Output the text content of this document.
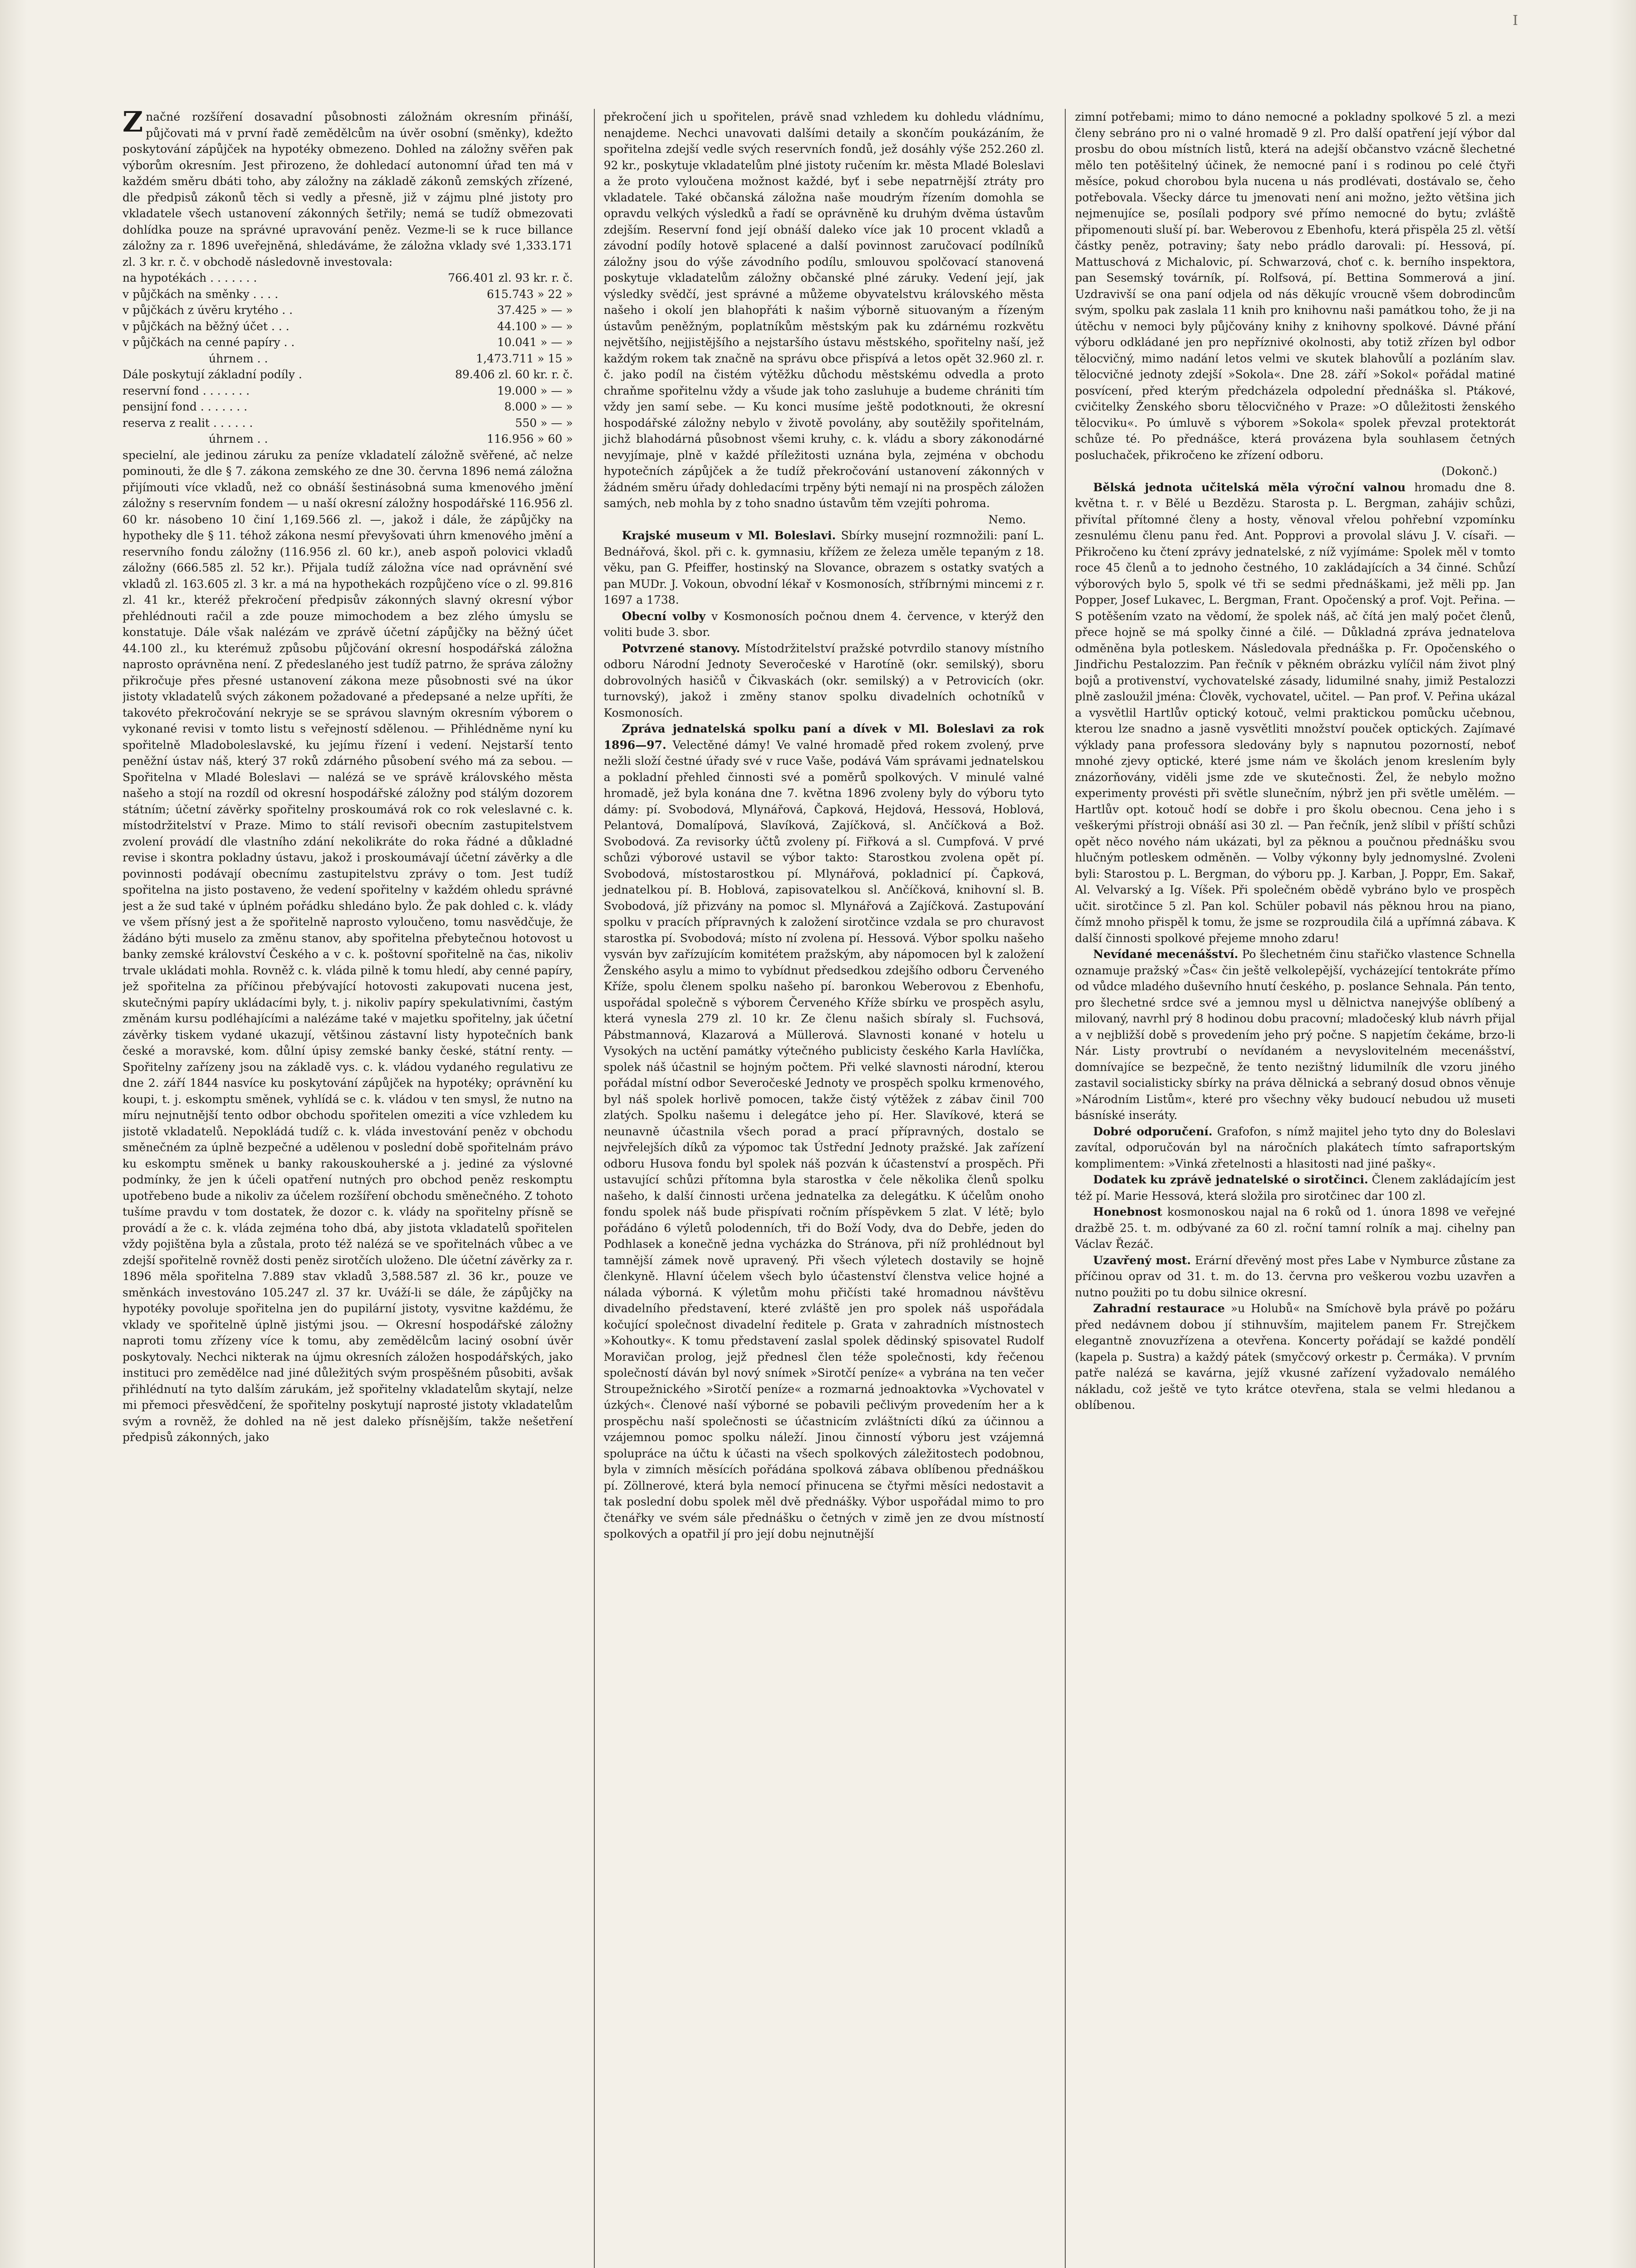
I

Značné rozšíření dosavadní působnosti záložnám okresním přináší, půjčovati má v první řadě zemědělcům na úvěr osobní (směnky), kdežto poskytování zápůjček na hypotéky obmezeno. Dohled na záložny svěřen pak výborům okresním. Jest přirozeno, že dohledací autonomní úřad ten má v každém směru dbáti toho, aby záložny na základě zákonů zemských zřízené, dle předpisů zákonů těch si vedly a přesně, již v zájmu plné jistoty pro vkladatele všech ustanovení zákonných šetřily; nemá se tudíž obmezovati dohlídka pouze na správné upravování peněz. Vezme-li se k ruce billance záložny za r. 1896 uveřejněná, shledáváme, že záložna vklady své 1,333.171 zl. 3 kr. r. č. v obchodě následovně investovala:

na hypotékách . . . . . . .	766.401 zl. 93 kr. r. č.
v půjčkách na směnky . . . .	615.743 » 22 »
v půjčkách z úvěru krytého . .	37.425 » — »
v půjčkách na běžný účet . . .	44.100 » — »
v půjčkách na cenné papíry . .	10.041 » — »
úhrnem . .	1,473.711 » 15 »
Dále poskytují základní podíly .	89.406 zl. 60 kr. r. č.
reservní fond . . . . . . .	19.000 » — »
pensijní fond . . . . . . .	8.000 » — »
reserva z realit . . . . . .	550 » — »
úhrnem . .	116.956 » 60 »

specielní, ale jedinou záruku za peníze vkladatelí záložně svěřené, ač nelze pominouti, že dle § 7. zákona zemského ze dne 30. června 1896 nemá záložna přijímouti více vkladů, než co obnáší šestinásobná suma kmenového jmění záložny s reservním fondem — u naší okresní záložny hospodářské 116.956 zl. 60 kr. násobeno 10 činí 1,169.566 zl. —, jakož i dále, že zápůjčky na hypotheky dle § 11. téhož zákona nesmí převyšovati úhrn kmenového jmění a reservního fondu záložny (116.956 zl. 60 kr.), aneb aspoň polovici vkladů záložny (666.585 zl. 52 kr.). Přijala tudíž záložna více nad oprávnění své vkladů zl. 163.605 zl. 3 kr. a má na hypothekách rozpůjčeno více o zl. 99.816 zl. 41 kr., kteréž překročení předpisův zákonných slavný okresní výbor přehlédnouti račil a zde pouze mimochodem a bez zlého úmyslu se konstatuje. Dále však nalézám ve zprávě účetní zápůjčky na běžný účet 44.100 zl., ku kterémuž způsobu půjčování okresní hospodářská záložna naprosto oprávněna není. Z předeslaného jest tudíž patrno, že správa záložny přikročuje přes přesné ustanovení zákona meze působnosti své na úkor jistoty vkladatelů svých zákonem požadované a předepsané a nelze upříti, že takovéto překročování nekryje se se správou slavným okresním výborem o vykonané revisi v tomto listu s veřejností sdělenou. — Přihlédněme nyní ku spořitelně Mladoboleslavské, ku jejímu řízení i vedení. Nejstarší tento peněžní ústav náš, který 37 roků zdárného působení svého má za sebou. — Spořitelna v Mladé Boleslavi — nalézá se ve správě královského města našeho a stojí na rozdíl od okresní hospodářské záložny pod stálým dozorem státním; účetní závěrky spořitelny proskoumává rok co rok veleslavné c. k. místodržitelství v Praze. Mimo to stálí revisoři obecním zastupitelstvem zvolení provádí dle vlastního zdání nekolikráte do roka řádné a důkladné revise i skontra pokladny ústavu, jakož i proskoumávají účetní závěrky a dle povinnosti podávají obecnímu zastupitelstvu zprávy o tom. Jest tudíž spořitelna na jisto postaveno, že vedení spořitelny v každém ohledu správné jest a že sud také v úplném pořádku shledáno bylo. Že pak dohled c. k. vlády ve všem přísný jest a že spořitelně naprosto vyloučeno, tomu nasvědčuje, že žádáno býti muselo za změnu stanov, aby spořitelna přebytečnou hotovost u banky zemské království Českého a v c. k. poštovní spořitelně na čas, nikoliv trvale ukládati mohla. Rovněž c. k. vláda pilně k tomu hledí, aby cenné papíry, jež spořitelna za příčinou přebývající hotovosti zakupovati nucena jest, skutečnými papíry ukládacími byly, t. j. nikoliv papíry spekulativními, častým změnám kursu podléhajícími a nalézáme také v majetku spořitelny, jak účetní závěrky tiskem vydané ukazují, většinou zástavní listy hypotečních bank české a moravské, kom. důlní úpisy zemské banky české, státní renty. — Spořitelny zařízeny jsou na základě vys. c. k. vládou vydaného regulativu ze dne 2. září 1844 nasvíce ku poskytování zápůjček na hypotéky; oprávnění ku koupi, t. j. eskomptu směnek, vyhlídá se c. k. vládou v ten smysl, že nutno na míru nejnutnější tento odbor obchodu spořitelen omeziti a více vzhledem ku jistotě vkladatelů. Nepokládá tudíž c. k. vláda investování peněz v obchodu směnečném za úplně bezpečné a udělenou v poslední době spořitelnám právo ku eskomptu směnek u banky rakouskouherské a j. jediné za výslovné podmínky, že jen k účeli opatření nutných pro obchod peněz reskomptu upotřebeno bude a nikoliv za účelem rozšíření obchodu směnečného. Z tohoto tušíme pravdu v tom dostatek, že dozor c. k. vlády na spořitelny přísně se provádí a že c. k. vláda zejména toho dbá, aby jistota vkladatelů spořitelen vždy pojištěna byla a zůstala, proto též nalézá se ve spořitelnách vůbec a ve zdejší spořitelně rovněž dosti peněz sirotčích uloženo. Dle účetní závěrky za r. 1896 měla spořitelna 7.889 stav vkladů 3,588.587 zl. 36 kr., pouze ve směnkách investováno 105.247 zl. 37 kr. Uváží-li se dále, že zápůjčky na hypotéky povoluje spořitelna jen do pupilární jistoty, vysvitne každému, že vklady ve spořitelně úplně jistými jsou. — Okresní hospodářské záložny naproti tomu zřízeny více k tomu, aby zemědělcům laciný osobní úvěr poskytovaly. Nechci nikterak na újmu okresních záložen hospodářských, jako instituci pro zemědělce nad jiné důležitých svým prospěšném působiti, avšak přihlédnutí na tyto dalším zárukám, jež spořitelny vkladatelům skytají, nelze mi přemoci přesvědčení, že spořitelny poskytují naprosté jistoty vkladatelům svým a rovněž, že dohled na ně jest daleko přísnějším, takže nešetření předpisů zákonných, jako

překročení jich u spořitelen, právě snad vzhledem ku dohledu vládnímu, nenajdeme. Nechci unavovati dalšími detaily a skončím poukázáním, že spořitelna zdejší vedle svých reservních fondů, jež dosáhly výše 252.260 zl. 92 kr., poskytuje vkladatelům plné jistoty ručením kr. města Mladé Boleslavi a že proto vyloučena možnost každé, byť i sebe nepatrnější ztráty pro vkladatele. Také občanská záložna naše moudrým řízením domohla se opravdu velkých výsledků a řadí se oprávněně ku druhým dvěma ústavům zdejším. Reservní fond její obnáší daleko více jak 10 procent vkladů a závodní podíly hotově splacené a další povinnost zaručovací podílníků záložny jsou do výše závodního podílu, smlouvou spolčovací stanovená poskytuje vkladatelům záložny občanské plné záruky. Vedení její, jak výsledky svědčí, jest správné a můžeme obyvatelstvu královského města našeho i okolí jen blahopřáti k našim výborně situovaným a řízeným ústavům peněžným, poplatníkům městským pak ku zdárnému rozkvětu největšího, nejjistějšího a nejstaršího ústavu městského, spořitelny naší, jež každým rokem tak značně na správu obce přispívá a letos opět 32.960 zl. r. č. jako podíl na čistém výtěžku důchodu městskému odvedla a proto chraňme spořitelnu vždy a všude jak toho zasluhuje a budeme chrániti tím vždy jen samí sebe. — Ku konci musíme ještě podotknouti, že okresní hospodářské záložny nebylo v životě povolány, aby soutěžily spořitelnám, jichž blahodárná působnost všemi kruhy, c. k. vládu a sbory zákonodárné nevyjímaje, plně v každé příležitosti uznána byla, zejména v obchodu hypotečních zápůjček a že tudíž překročování ustanovení zákonných v žádném směru úřady dohledacími trpěny býti nemají ni na prospěch záložen samých, neb mohla by z toho snadno ústavům těm vzejíti pohroma.

Nemo.

Krajské museum v Ml. Boleslavi. Sbírky musejní rozmnožili: paní L. Bednářová, škol. při c. k. gymnasiu, křížem ze železa uměle tepaným z 18. věku, pan G. Pfeiffer, hostinský na Slovance, obrazem s ostatky svatých a pan MUDr. J. Vokoun, obvodní lékař v Kosmonosích, stříbrnými mincemi z r. 1697 a 1738.

Obecní volby v Kosmonosích počnou dnem 4. července, v kterýž den voliti bude 3. sbor.

Potvrzené stanovy. Místodržitelství pražské potvrdilo stanovy místního odboru Národní Jednoty Severočeské v Harotíně (okr. semilský), sboru dobrovolných hasičů v Čikvaskách (okr. semilský) a v Petrovicích (okr. turnovský), jakož i změny stanov spolku divadelních ochotníků v Kosmonosích.

Zpráva jednatelská spolku paní a dívek v Ml. Boleslavi za rok 1896—97. Velectěné dámy! Ve valné hromadě před rokem zvolený, prve nežli složí čestné úřady své v ruce Vaše, podává Vám správami jednatelskou a pokladní přehled činnosti své a poměrů spolkových. V minulé valné hromadě, jež byla konána dne 7. května 1896 zvoleny byly do výboru tyto dámy: pí. Svobodová, Mlynářová, Čapková, Hejdová, Hessová, Hoblová, Pelantová, Domalípová, Slavíková, Zajíčková, sl. Ančíčková a Bož. Svobodová. Za revisorky účtů zvoleny pí. Fiřková a sl. Cumpfová. V prvé schůzi výborové ustavil se výbor takto: Starostkou zvolena opět pí. Svobodová, místostarostkou pí. Mlynářová, pokladnicí pí. Čapková, jednatelkou pí. B. Hoblová, zapisovatelkou sl. Ančíčková, knihovní sl. B. Svobodová, jíž přizvány na pomoc sl. Mlynářová a Zajíčková. Zastupování spolku v pracích přípravných k založení sirotčince vzdala se pro churavost starostka pí. Svobodová; místo ní zvolena pí. Hessová. Výbor spolku našeho vysván byv zařízujícím komitétem pražským, aby nápomocen byl k založení Ženského asylu a mimo to vybídnut předsedkou zdejšího odboru Červeného Kříže, spolu členem spolku našeho pí. baronkou Weberovou z Ebenhofu, uspořádal společně s výborem Červeného Kříže sbírku ve prospěch asylu, která vynesla 279 zl. 10 kr. Ze členu našich sbíraly sl. Fuchsová, Pábstmannová, Klazarová a Müllerová. Slavnosti konané v hotelu u Vysokých na uctění památky výtečného publicisty českého Karla Havlíčka, spolek náš účastnil se hojným počtem. Při velké slavnosti národní, kterou pořádal místní odbor Severočeské Jednoty ve prospěch spolku krmenového, byl náš spolek horlivě pomocen, takže čistý výtěžek z zábav činil 700 zlatých. Spolku našemu i delegátce jeho pí. Her. Slavíkové, která se neunavně účastnila všech porad a prací přípravných, dostalo se nejvřelejších díků za výpomoc tak Ústřední Jednoty pražské. Jak zařízení odboru Husova fondu byl spolek náš pozván k účastenství a prospěch. Při ustavující schůzi přítomna byla starostka v čele několika členů spolku našeho, k další činnosti určena jednatelka za delegátku. K účelům onoho fondu spolek náš bude přispívati ročním příspěvkem 5 zlat. V létě; bylo pořádáno 6 výletů polodenních, tři do Boží Vody, dva do Debře, jeden do Podhlasek a konečně jedna vycházka do Stránova, při níž prohlédnout byl tamnější zámek nově upravený. Při všech výletech dostavily se hojně členkyně. Hlavní účelem všech bylo účastenství členstva velice hojné a nálada výborná. K výletům mohu přičísti také hromadnou návštěvu divadelního představení, které zvláště jen pro spolek náš uspořádala kočující společnost divadelní ředitele p. Grata v zahradních místnostech »Kohoutky«. K tomu představení zaslal spolek dědinský spisovatel Rudolf Moravičan prolog, jejž přednesl člen téže společnosti, kdy řečenou společností dáván byl nový snímek »Sirotčí peníze« a vybrána na ten večer Stroupežnického »Sirotčí peníze« a rozmarná jednoaktovka »Vychovatel v úzkých«. Členové naší výborné se pobavili pečlivým provedením her a k prospěchu naší společnosti se účastnicím zvláštnícti díkú za účinnou a vzájemnou pomoc spolku náleží. Jinou činností výboru jest vzájemná spolupráce na účtu k účasti na všech spolkových záležitostech podobnou, byla v zimních měsících pořádána spolková zábava oblíbenou přednáškou pí. Zöllnerové, která byla nemocí přinucena se čtyřmi měsíci nedostavit a tak poslední dobu spolek měl dvě přednášky. Výbor uspořádal mimo to pro čtenářky ve svém sále přednášku o četných v zimě jen ze dvou místností spolkových a opatřil jí pro její dobu nejnutnější

zimní potřebami; mimo to dáno nemocné a pokladny spolkové 5 zl. a mezi členy sebráno pro ni o valné hromadě 9 zl. Pro další opatření její výbor dal prosbu do obou místních listů, která na adejší občanstvo vzácně šlechetné mělo ten potěšitelný účinek, že nemocné paní i s rodinou po celé čtyři měsíce, pokud chorobou byla nucena u nás prodlévati, dostávalo se, čeho potřebovala. Všecky dárce tu jmenovati není ani možno, ježto většina jich nejmenujíce se, posílali podpory své přímo nemocné do bytu; zvláště připomenouti sluší pí. bar. Weberovou z Ebenhofu, která přispěla 25 zl. větší částky peněz, potraviny; šaty nebo prádlo darovali: pí. Hessová, pí. Mattuschová z Michalovic, pí. Schwarzová, choť c. k. berního inspektora, pan Sesemský továrník, pí. Rolfsová, pí. Bettina Sommerová a jiní. Uzdravivší se ona paní odjela od nás děkujíc vroucně všem dobrodincům svým, spolku pak zaslala 11 knih pro knihovnu naši památkou toho, že ji na útěchu v nemoci byly půjčovány knihy z knihovny spolkové. Dávné přání výboru odkládané jen pro nepříznivé okolnosti, aby totiž zřízen byl odbor tělocvičný, mimo nadání letos velmi ve skutek blahovůlí a pozláním slav. tělocvičné jednoty zdejší »Sokola«. Dne 28. září »Sokol« pořádal matiné posvícení, před kterým předcházela odpolední přednáška sl. Ptákové, cvičitelky Ženského sboru tělocvičného v Praze: »O důležitosti ženského tělocviku«. Po úmluvě s výborem »Sokola« spolek převzal protektorát schůze té. Po přednášce, která provázena byla souhlasem četných posluchaček, přikročeno ke zřízení odboru.

(Dokonč.)

Bělská jednota učitelská měla výroční valnou hromadu dne 8. května t. r. v Bělé u Bezdězu. Starosta p. L. Bergman, zahájiv schůzi, přivítal přítomné členy a hosty, věnoval vřelou pohřební vzpomínku zesnulému členu panu řed. Ant. Popprovi a provolal slávu J. V. císaři. — Přikročeno ku čtení zprávy jednatelské, z níž vyjímáme: Spolek měl v tomto roce 45 členů a to jednoho čestného, 10 zakládajících a 34 činné. Schůzí výborových bylo 5, spolk vé tři se sedmi přednáškami, jež měli pp. Jan Popper, Josef Lukavec, L. Bergman, Frant. Opočenský a prof. Vojt. Peřina. — S potěšením vzato na vědomí, že spolek náš, ač čítá jen malý počet členů, přece hojně se má spolky činné a čilé. — Důkladná zpráva jednatelova odměněna byla potleskem. Následovala přednáška p. Fr. Opočenského o Jindřichu Pestalozzim. Pan řečník v pěkném obrázku vylíčil nám život plný bojů a protivenství, vychovatelské zásady, lidumilné snahy, jimiž Pestalozzi plně zasloužil jména: Člověk, vychovatel, učitel. — Pan prof. V. Peřina ukázal a vysvětlil Hartlův optický kotouč, velmi praktickou pomůcku učebnou, kterou lze snadno a jasně vysvětliti množství pouček optických. Zajímavé výklady pana professora sledovány byly s napnutou pozorností, neboť mnohé zjevy optické, které jsme nám ve školách jenom kreslením byly znázorňovány, viděli jsme zde ve skutečnosti. Žel, že nebylo možno experimenty provésti při světle slunečním, nýbrž jen při světle umělém. — Hartlův opt. kotouč hodí se dobře i pro školu obecnou. Cena jeho i s veškerými přístroji obnáší asi 30 zl. — Pan řečník, jenž slíbil v příští schůzi opět něco nového nám ukázati, byl za pěknou a poučnou přednášku svou hlučným potleskem odměněn. — Volby výkonny byly jednomyslné. Zvoleni byli: Starostou p. L. Bergman, do výboru pp. J. Karban, J. Poppr, Em. Sakař, Al. Velvarský a Ig. Víšek. Při společném obědě vybráno bylo ve prospěch učit. sirotčince 5 zl. Pan kol. Schüler pobavil nás pěknou hrou na piano, čímž mnoho přispěl k tomu, že jsme se rozproudila čilá a upřímná zábava. K další činnosti spolkové přejeme mnoho zdaru!

Nevídané mecenášství. Po šlechetném činu stařičko vlastence Schnella oznamuje pražský »Čas« čin ještě velkolepější, vycházející tentokráte přímo od vůdce mladého duševního hnutí českého, p. poslance Sehnala. Pán tento, pro šlechetné srdce své a jemnou mysl u dělnictva nanejvýše oblíbený a milovaný, navrhl prý 8 hodinou dobu pracovní; mladočeský klub návrh přijal a v nejbližší době s provedením jeho prý počne. S napjetím čekáme, brzo-li Nár. Listy provtrubí o nevídaném a nevyslovitelném mecenášství, domnívajíce se bezpečně, že tento nezištný lidumilník dle vzoru jiného zastavil socialisticky sbírky na práva dělnická a sebraný dosud obnos věnuje »Národním Listům«, které pro všechny věky budoucí nebudou už museti básníské inseráty.

Dobré odporučení. Grafofon, s nímž majitel jeho tyto dny do Boleslavi zavítal, odporučován byl na náročních plakátech tímto safraportským komplimentem: »Vinká zřetelnosti a hlasitosti nad jiné pašky«.

Dodatek ku zprávě jednatelské o sirotčinci. Členem zakládajícím jest též pí. Marie Hessová, která složila pro sirotčinec dar 100 zl.

Honebnost kosmonoskou najal na 6 roků od 1. února 1898 ve veřejné dražbě 25. t. m. odbývané za 60 zl. roční tamní rolník a maj. cihelny pan Václav Řezáč.

Uzavřený most. Erární dřevěný most přes Labe v Nymburce zůstane za příčinou oprav od 31. t. m. do 13. června pro veškerou vozbu uzavřen a nutno použiti po tu dobu silnice okresní.

Zahradní restaurace »u Holubů« na Smíchově byla právě po požáru před nedávnem dobou jí stihnuvším, majitelem panem Fr. Strejčkem elegantně znovuzřízena a otevřena. Koncerty pořádají se každé pondělí (kapela p. Sustra) a každý pátek (smyčcový orkestr p. Čermáka). V prvním patře nalézá se kavárna, jejíž vkusné zařízení vyžadovalo nemálého nákladu, což ještě ve tyto krátce otevřena, stala se velmi hledanou a oblíbenou.
